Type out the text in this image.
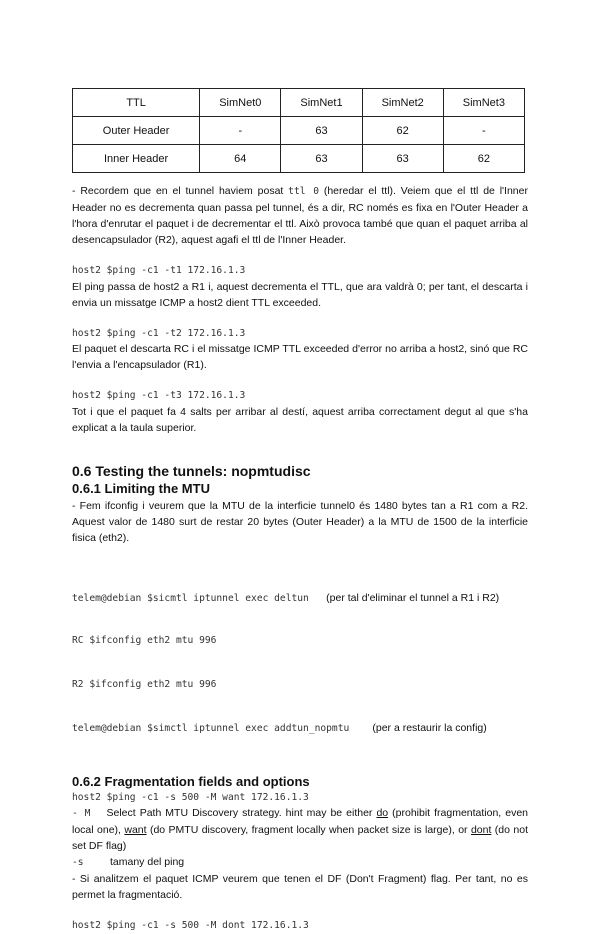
TTL	SimNet0	SimNet1	SimNet2	SimNet3
Outer Header	-	63	62	-
Inner Header	64	63	63	62

- Recordem que en el tunnel haviem posat ttl 0 (heredar el ttl). Veiem que el ttl de l'Inner Header no es decrementa quan passa pel tunnel, és a dir, RC només es fixa en l'Outer Header a l'hora d'enrutar el paquet i de decrementar el ttl. Això provoca també que quan el paquet arriba al desencapsulador (R2), aquest agafi el ttl de l'Inner Header.

host2 $ping -c1 -t1 172.16.1.3

El ping passa de host2 a R1 i, aquest decrementa el TTL, que ara valdrà 0; per tant, el descarta i envia un missatge ICMP a host2 dient TTL exceeded.

host2 $ping -c1 -t2 172.16.1.3

El paquet el descarta RC i el missatge ICMP TTL exceeded d'error no arriba a host2, sinó que RC l'envia a l'encapsulador (R1).

host2 $ping -c1 -t3 172.16.1.3

Tot i que el paquet fa 4 salts per arribar al destí, aquest arriba correctament degut al que s'ha explicat a la taula superior.

0.6 Testing the tunnels: nopmtudisc
0.6.1 Limiting the MTU

- Fem ifconfig i veurem que la MTU de la interficie tunnel0 és 1480 bytes tan a R1 com a R2. Aquest valor de 1480 surt de restar 20 bytes (Outer Header) a la MTU de 1500 de la interficie fisica (eth2).

telem@debian $sicmtl iptunnel exec deltun (per tal d'eliminar el tunnel a R1 i R2)

RC $ifconfig eth2 mtu 996

R2 $ifconfig eth2 mtu 996

telem@debian $simctl iptunnel exec addtun_nopmtu (per a restaurir la config)

0.6.2 Fragmentation fields and options
host2 $ping -c1 -s 500 -M want 172.16.1.3

- M Select Path MTU Discovery strategy. hint may be either do (prohibit fragmentation, even local one), want (do PMTU discovery, fragment locally when packet size is large), or dont (do not set DF flag)

-s	tamany del ping

- Si analitzem el paquet ICMP veurem que tenen el DF (Don't Fragment) flag. Per tant, no es permet la fragmentació.

host2 $ping -c1 -s 500 -M dont 172.16.1.3
